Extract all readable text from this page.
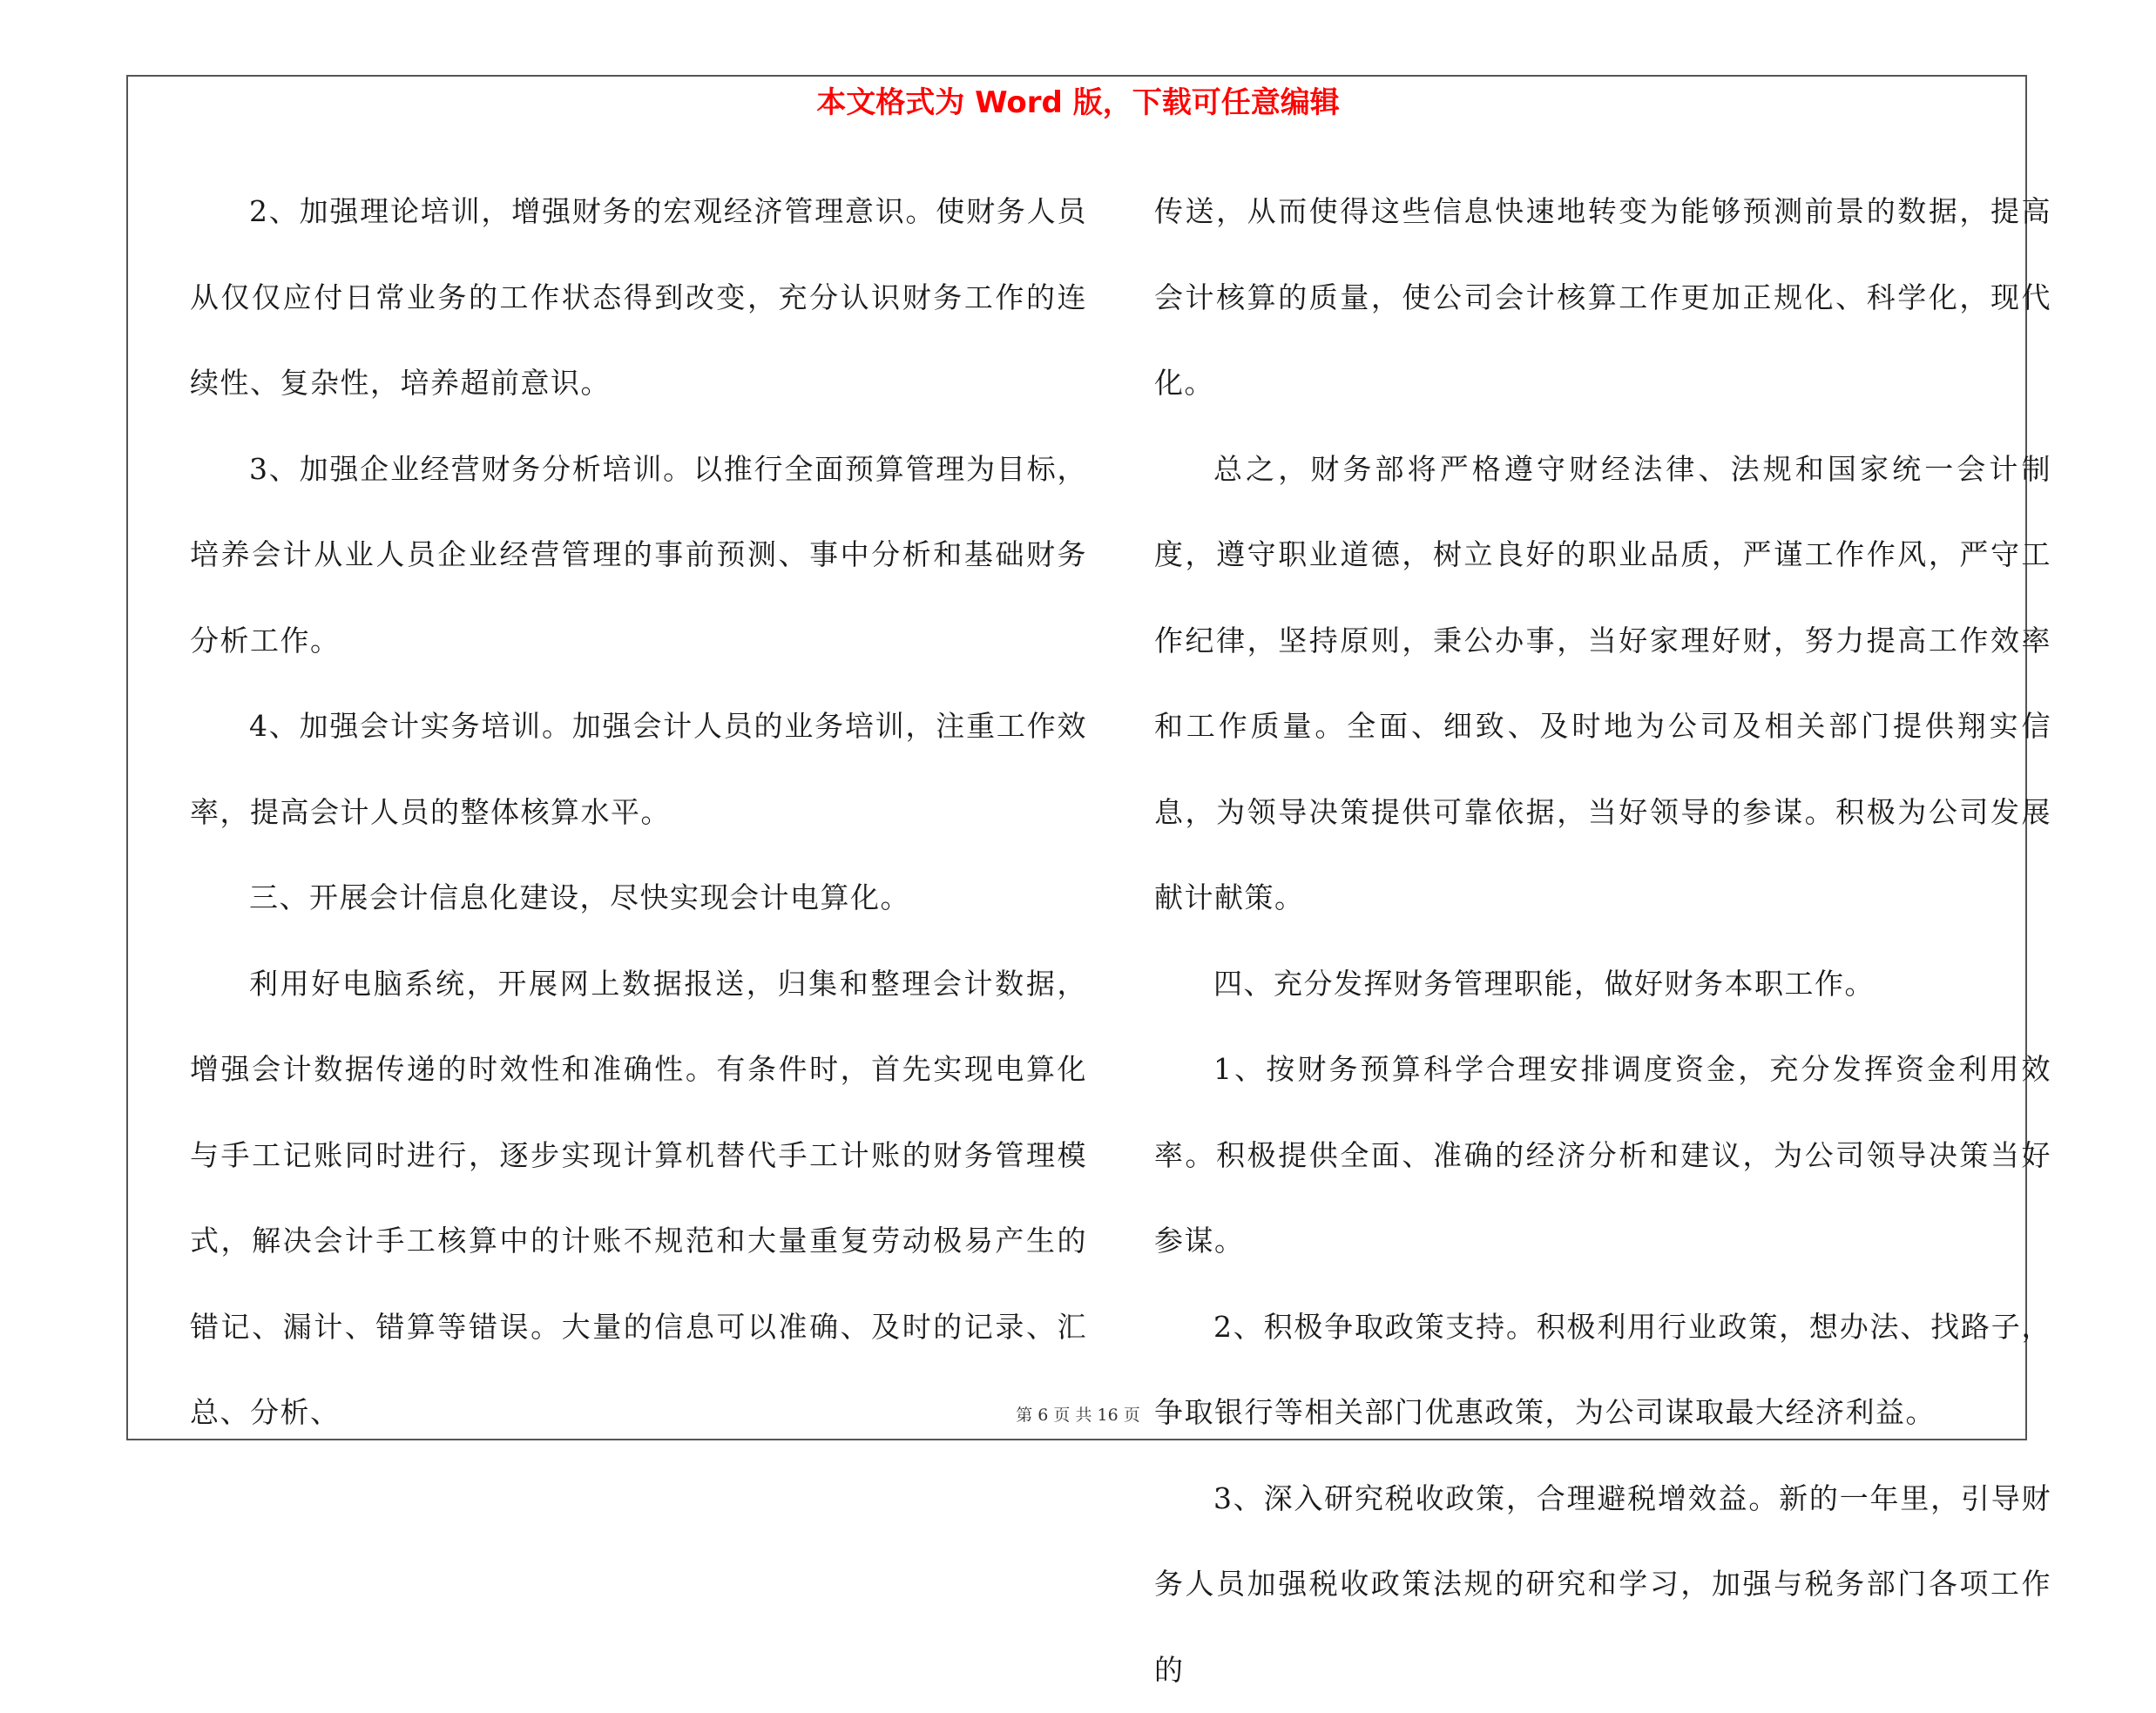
本文格式为 Word 版，下载可任意编辑

2、加强理论培训，增强财务的宏观经济管理意识。使财务人员从仅仅应付日常业务的工作状态得到改变，充分认识财务工作的连续性、复杂性，培养超前意识。

3、加强企业经营财务分析培训。以推行全面预算管理为目标，培养会计从业人员企业经营管理的事前预测、事中分析和基础财务分析工作。

4、加强会计实务培训。加强会计人员的业务培训，注重工作效率，提高会计人员的整体核算水平。

三、开展会计信息化建设，尽快实现会计电算化。

利用好电脑系统，开展网上数据报送，归集和整理会计数据，增强会计数据传递的时效性和准确性。有条件时，首先实现电算化与手工记账同时进行，逐步实现计算机替代手工计账的财务管理模式，解决会计手工核算中的计账不规范和大量重复劳动极易产生的错记、漏计、错算等错误。大量的信息可以准确、及时的记录、汇总、分析、

传送，从而使得这些信息快速地转变为能够预测前景的数据，提高会计核算的质量，使公司会计核算工作更加正规化、科学化，现代化。

总之，财务部将严格遵守财经法律、法规和国家统一会计制度，遵守职业道德，树立良好的职业品质，严谨工作作风，严守工作纪律，坚持原则，秉公办事，当好家理好财，努力提高工作效率和工作质量。全面、细致、及时地为公司及相关部门提供翔实信息，为领导决策提供可靠依据，当好领导的参谋。积极为公司发展献计献策。

四、充分发挥财务管理职能，做好财务本职工作。

1、按财务预算科学合理安排调度资金，充分发挥资金利用效率。积极提供全面、准确的经济分析和建议，为公司领导决策当好参谋。

2、积极争取政策支持。积极利用行业政策，想办法、找路子，争取银行等相关部门优惠政策，为公司谋取最大经济利益。

3、深入研究税收政策，合理避税增效益。新的一年里，引导财务人员加强税收政策法规的研究和学习，加强与税务部门各项工作的

第 6 页 共 16 页
